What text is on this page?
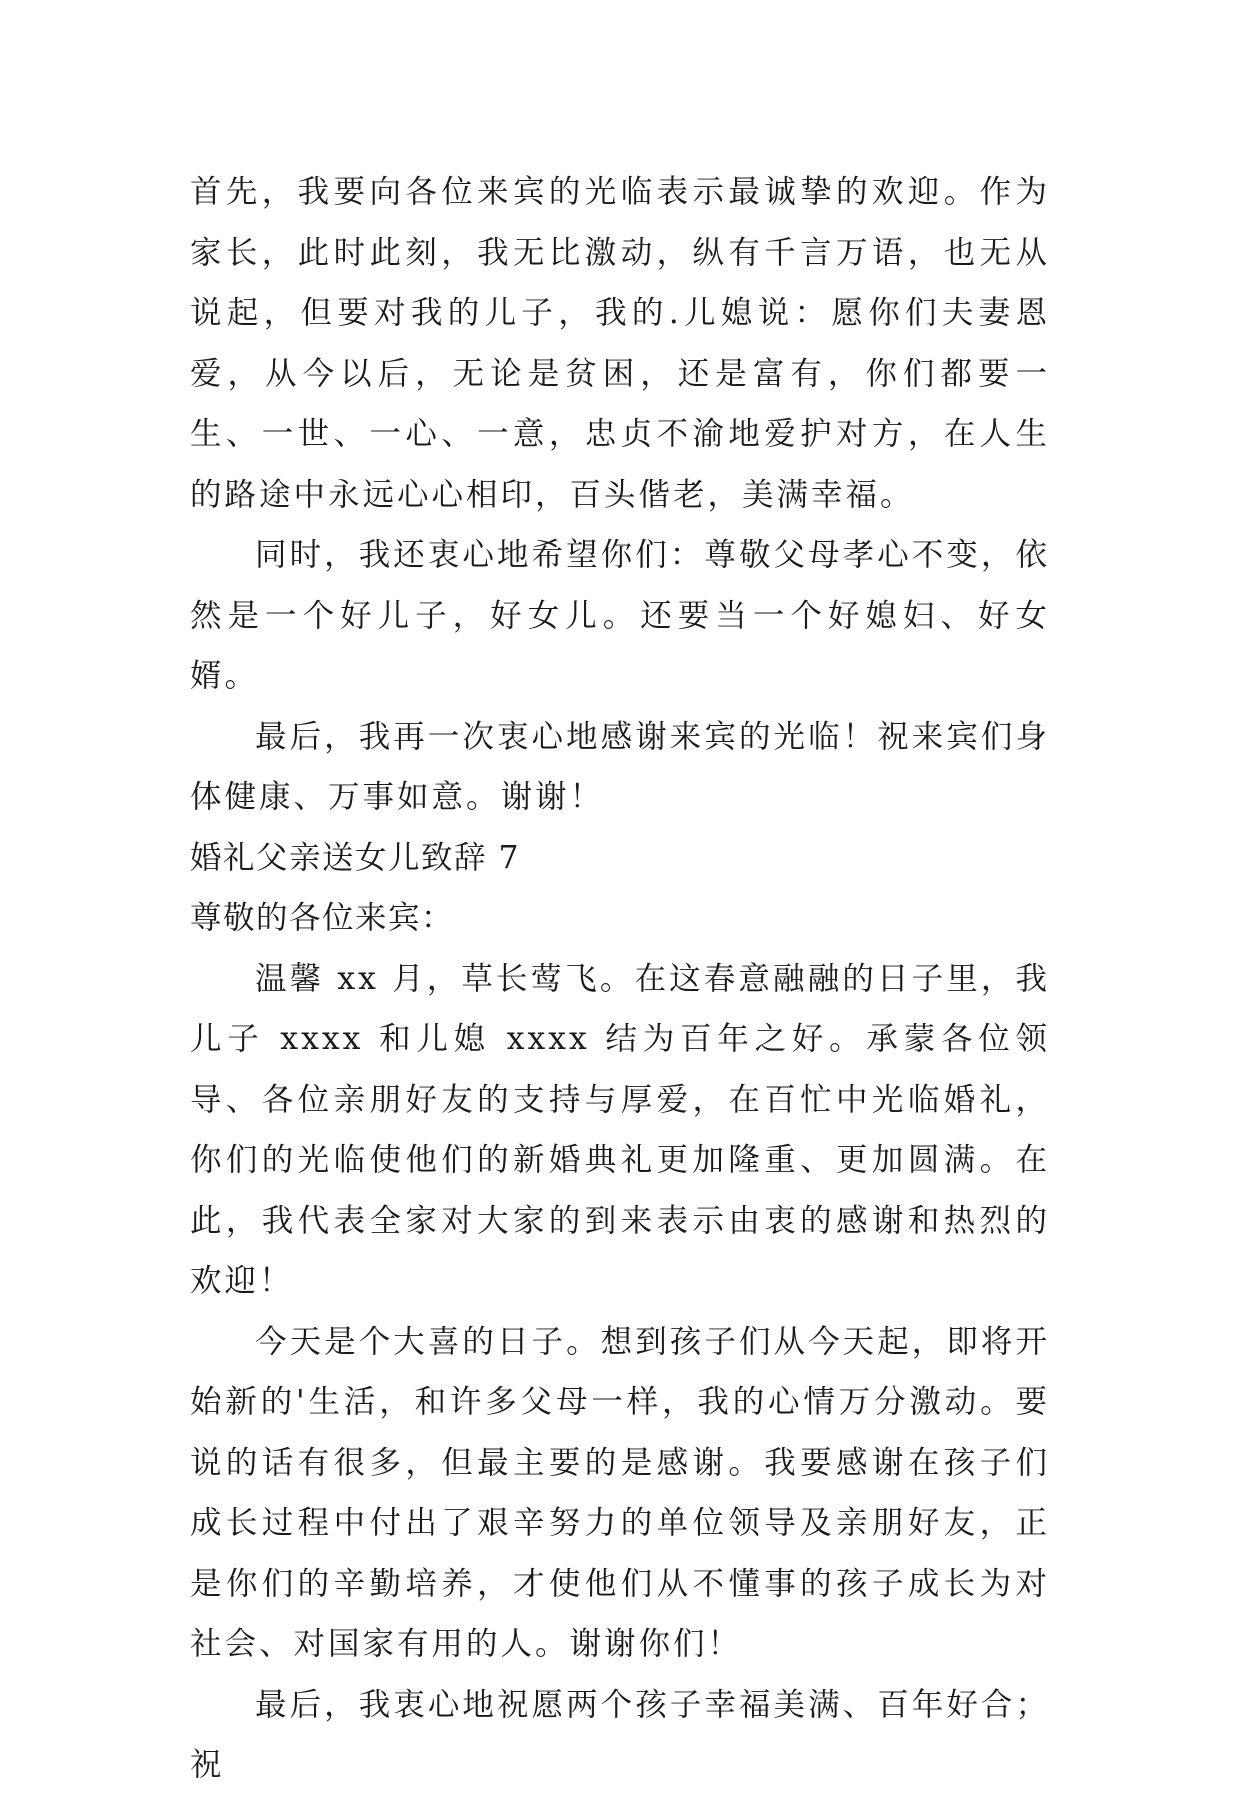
首先，我要向各位来宾的光临表示最诚挚的欢迎。作为家长，此时此刻，我无比激动，纵有千言万语，也无从说起，但要对我的儿子，我的.儿媳说：愿你们夫妻恩爱，从今以后，无论是贫困，还是富有，你们都要一生、一世、一心、一意，忠贞不渝地爱护对方，在人生的路途中永远心心相印，百头偕老，美满幸福。

同时，我还衷心地希望你们：尊敬父母孝心不变，依然是一个好儿子，好女儿。还要当一个好媳妇、好女婿。

最后，我再一次衷心地感谢来宾的光临！祝来宾们身体健康、万事如意。谢谢！

婚礼父亲送女儿致辞 7

尊敬的各位来宾：

温馨 xx 月，草长莺飞。在这春意融融的日子里，我儿子 xxxx 和儿媳 xxxx 结为百年之好。承蒙各位领导、各位亲朋好友的支持与厚爱，在百忙中光临婚礼，你们的光临使他们的新婚典礼更加隆重、更加圆满。在此，我代表全家对大家的到来表示由衷的感谢和热烈的欢迎！

今天是个大喜的日子。想到孩子们从今天起，即将开始新的'生活，和许多父母一样，我的心情万分激动。要说的话有很多，但最主要的是感谢。我要感谢在孩子们成长过程中付出了艰辛努力的单位领导及亲朋好友，正是你们的辛勤培养，才使他们从不懂事的孩子成长为对社会、对国家有用的人。谢谢你们！

最后，我衷心地祝愿两个孩子幸福美满、百年好合；祝
